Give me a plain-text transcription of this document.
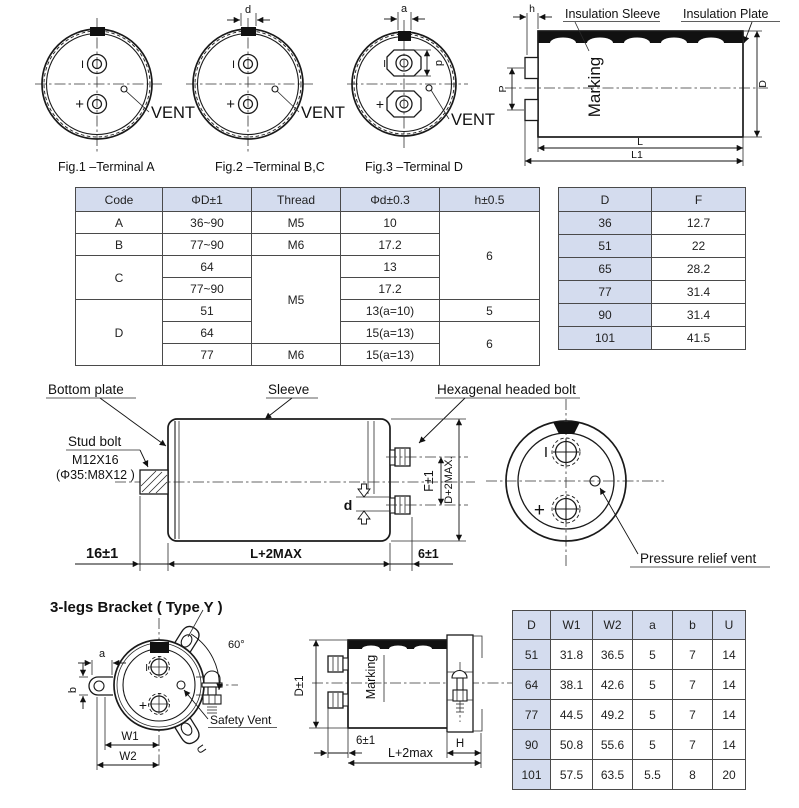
I
+	VENT
Fig.1 –Terminal A
d
I
+	VENT
Fig.2 –Terminal B,C
a
d
I
+
VENT
Fig.3 –Terminal D
Marking
h
P
D
L
L1
Insulation Sleeve Insulation Plate
Bottom plate	Sleeve	Hexagenal headed bolt
Stud bolt
M12X16
(Φ35:M8X12 )	F±1 D+2MAX.
d
16±1	L+2MAX	6±1
I
+
Pressure relief vent
3-legs Bracket ( Type Y )
I
+
60°
a
b
W1
W2
U
Safety Vent
Marking
D±1
6±1	H
L+2max
Code	ΦD±1	Thread	Φd±0.3	h±0.5
A	36~90	M5	10	6
B	77~90	M6	17.2	
C	64	M5	13	
	77~90		17.2	
D	51		13(a=10)	5
	64		15(a=13)	6
	77	M6	15(a=13)	
D	F
36	12.7
51	22
65	28.2
77	31.4
90	31.4
101	41.5
D	W1	W2	a	b	U
51	31.8	36.5	5	7	14
64	38.1	42.6	5	7	14
77	44.5	49.2	5	7	14
90	50.8	55.6	5	7	14
101	57.5	63.5	5.5	8	20
